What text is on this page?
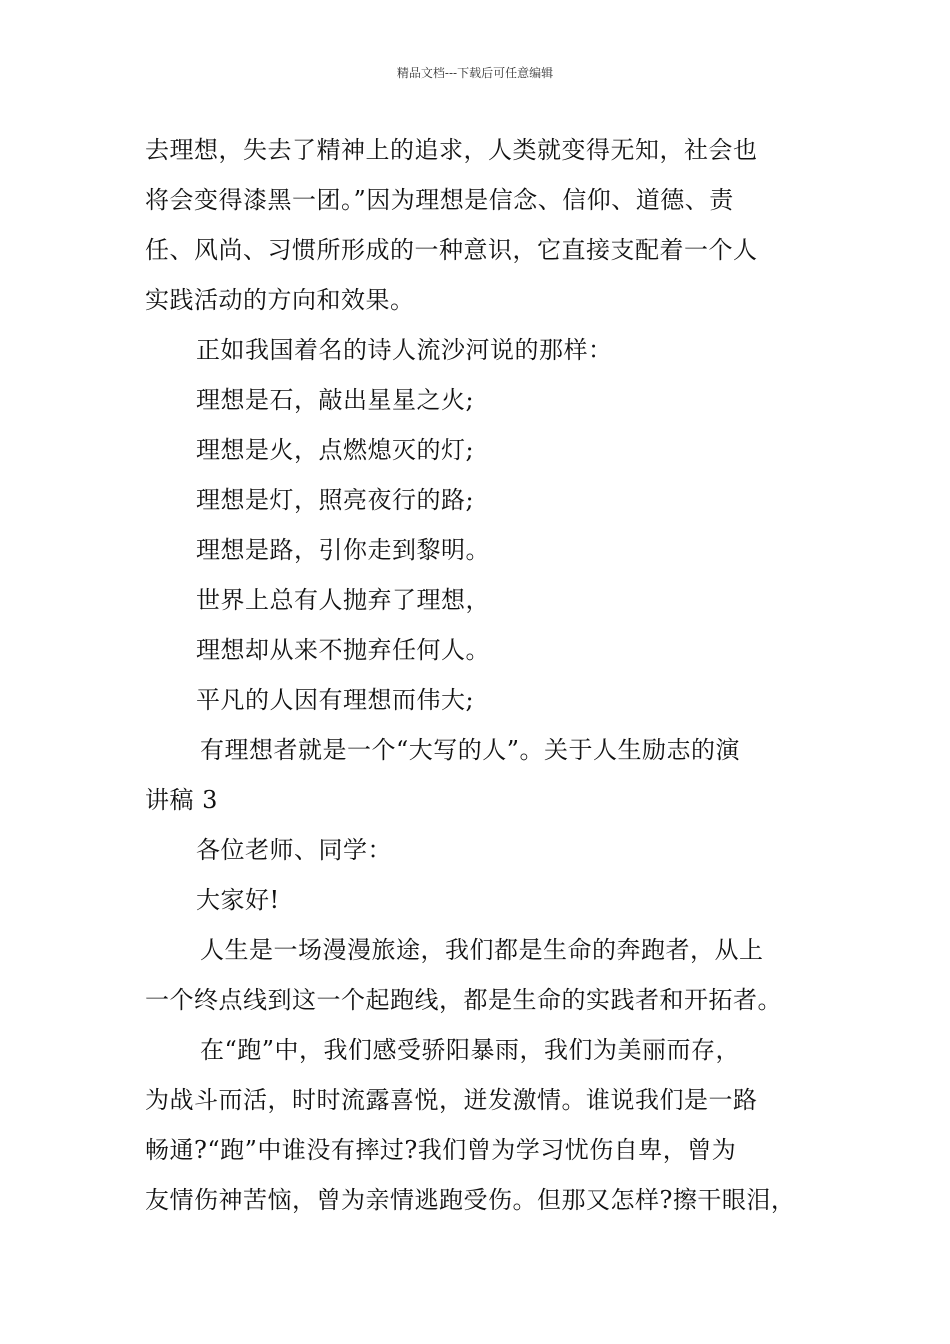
精品文档---下载后可任意编辑
去理想，失去了精神上的追求，人类就变得无知，社会也
将会变得漆黑一团。”因为理想是信念、信仰、道德、责
任、风尚、习惯所形成的一种意识，它直接支配着一个人
实践活动的方向和效果。
正如我国着名的诗人流沙河说的那样：
理想是石，敲出星星之火;
理想是火，点燃熄灭的灯;
理想是灯，照亮夜行的路;
理想是路，引你走到黎明。
世界上总有人抛弃了理想，
理想却从来不抛弃任何人。
平凡的人因有理想而伟大;
有理想者就是一个“大写的人”。关于人生励志的演
讲稿 3
各位老师、同学：
大家好!
人生是一场漫漫旅途，我们都是生命的奔跑者，从上
一个终点线到这一个起跑线，都是生命的实践者和开拓者。
在“跑”中，我们感受骄阳暴雨，我们为美丽而存，
为战斗而活，时时流露喜悦，迸发激情。谁说我们是一路
畅通?“跑”中谁没有摔过?我们曾为学习忧伤自卑，曾为
友情伤神苦恼，曾为亲情逃跑受伤。但那又怎样?擦干眼泪，
